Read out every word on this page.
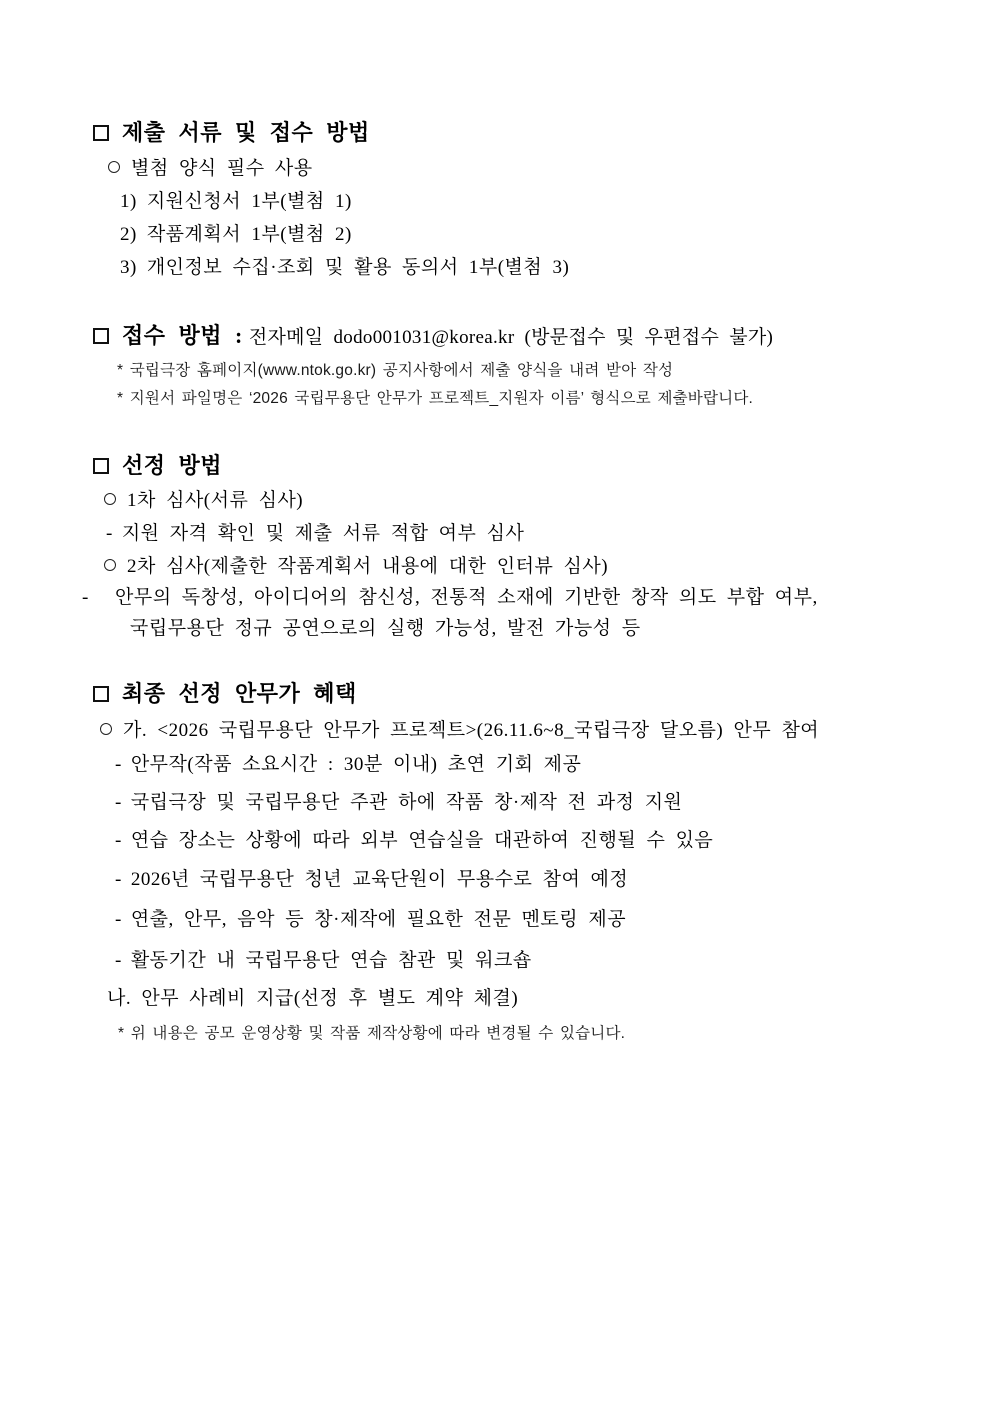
제출 서류 및 접수 방법
별첨 양식 필수 사용
1) 지원신청서 1부(별첨 1)
2) 작품계획서 1부(별첨 2)
3) 개인정보 수집·조회 및 활용 동의서 1부(별첨 3)
접수 방법 : 전자메일 dodo001031@korea.kr (방문접수 및 우편접수 불가)
* 국립극장 홈페이지(www.ntok.go.kr) 공지사항에서 제출 양식을 내려 받아 작성
* 지원서 파일명은 ‘2026 국립무용단 안무가 프로젝트_지원자 이름’ 형식으로 제출바랍니다.
선정 방법
1차 심사(서류 심사)
- 지원 자격 확인 및 제출 서류 적합 여부 심사
2차 심사(제출한 작품계획서 내용에 대한 인터뷰 심사)
- 안무의 독창성, 아이디어의 참신성, 전통적 소재에 기반한 창작 의도 부합 여부, 국립무용단 정규 공연으로의 실행 가능성, 발전 가능성 등
최종 선정 안무가 혜택
가. <2026 국립무용단 안무가 프로젝트>(26.11.6~8_국립극장 달오름) 안무 참여
- 안무작(작품 소요시간 : 30분 이내) 초연 기회 제공
- 국립극장 및 국립무용단 주관 하에 작품 창·제작 전 과정 지원
- 연습 장소는 상황에 따라 외부 연습실을 대관하여 진행될 수 있음
- 2026년 국립무용단 청년 교육단원이 무용수로 참여 예정
- 연출, 안무, 음악 등 창·제작에 필요한 전문 멘토링 제공
- 활동기간 내 국립무용단 연습 참관 및 워크숍
나. 안무 사례비 지급(선정 후 별도 계약 체결)
* 위 내용은 공모 운영상황 및 작품 제작상황에 따라 변경될 수 있습니다.
